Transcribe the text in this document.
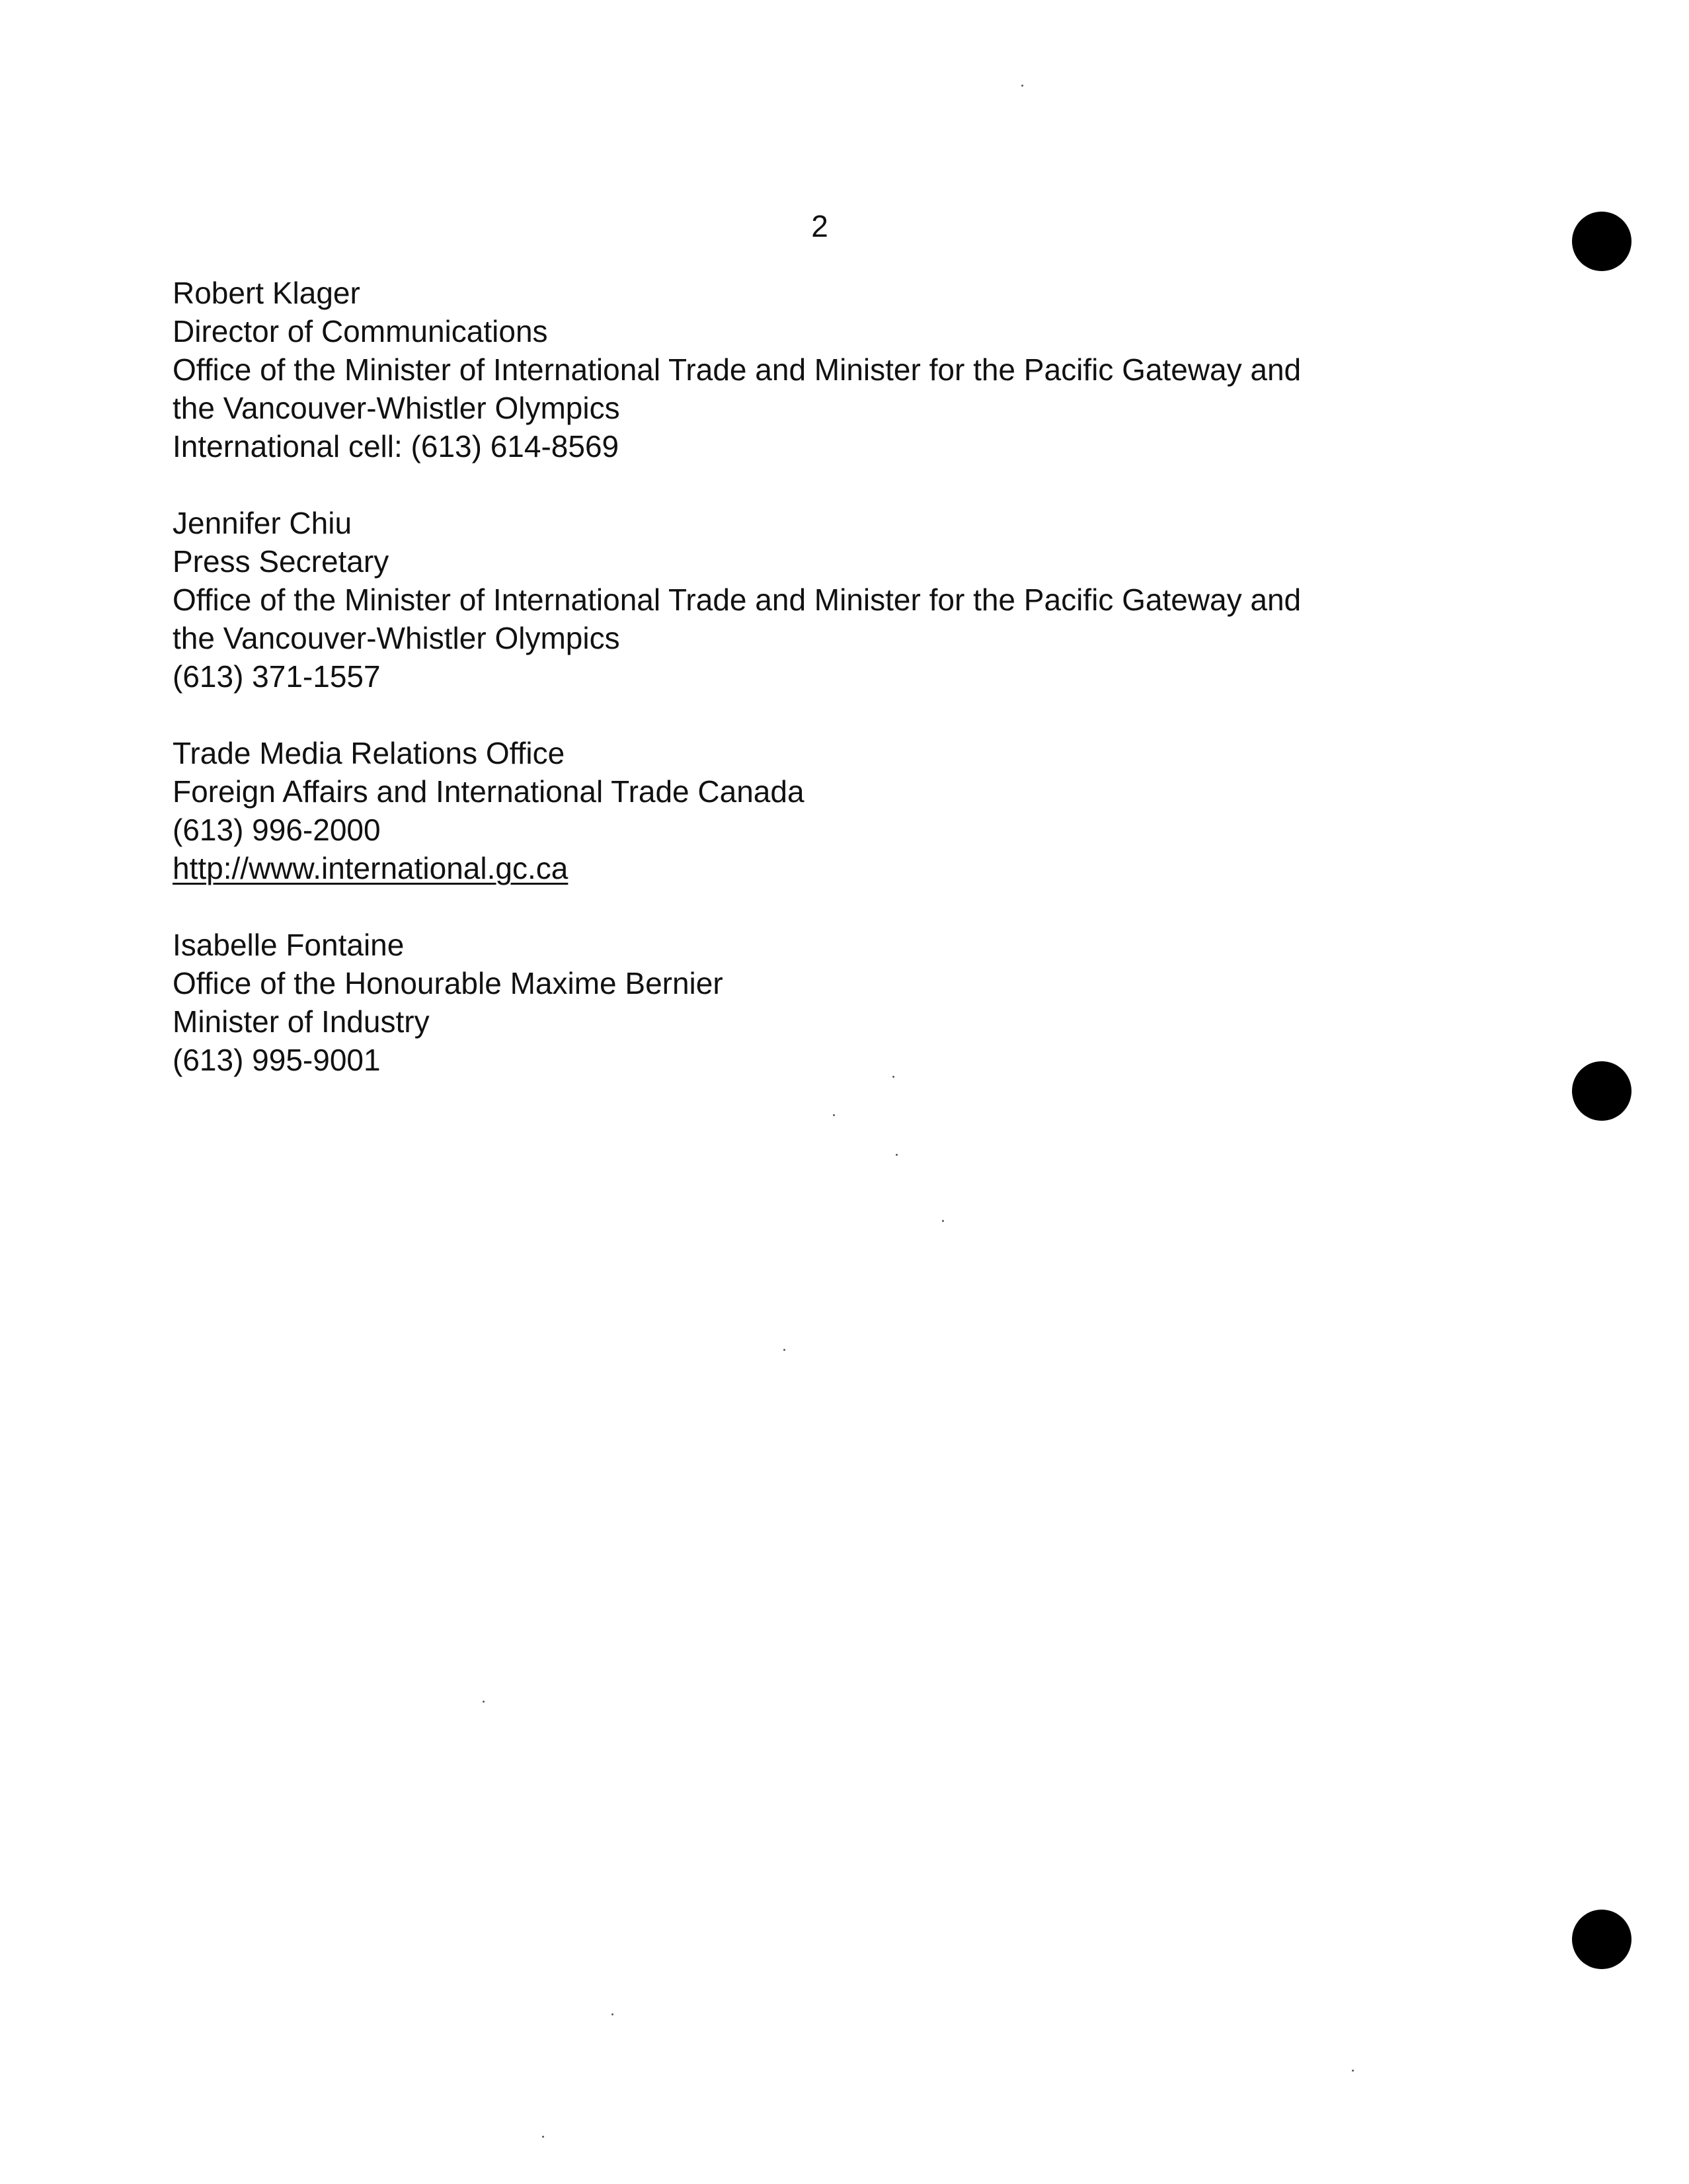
2
Robert Klager
Director of Communications
Office of the Minister of International Trade and Minister for the Pacific Gateway and
the Vancouver-Whistler Olympics
International cell: (613) 614-8569
Jennifer Chiu
Press Secretary
Office of the Minister of International Trade and Minister for the Pacific Gateway and
the Vancouver-Whistler Olympics
(613) 371-1557
Trade Media Relations Office
Foreign Affairs and International Trade Canada
(613) 996-2000
http://www.international.gc.ca
Isabelle Fontaine
Office of the Honourable Maxime Bernier
Minister of Industry
(613) 995-9001
